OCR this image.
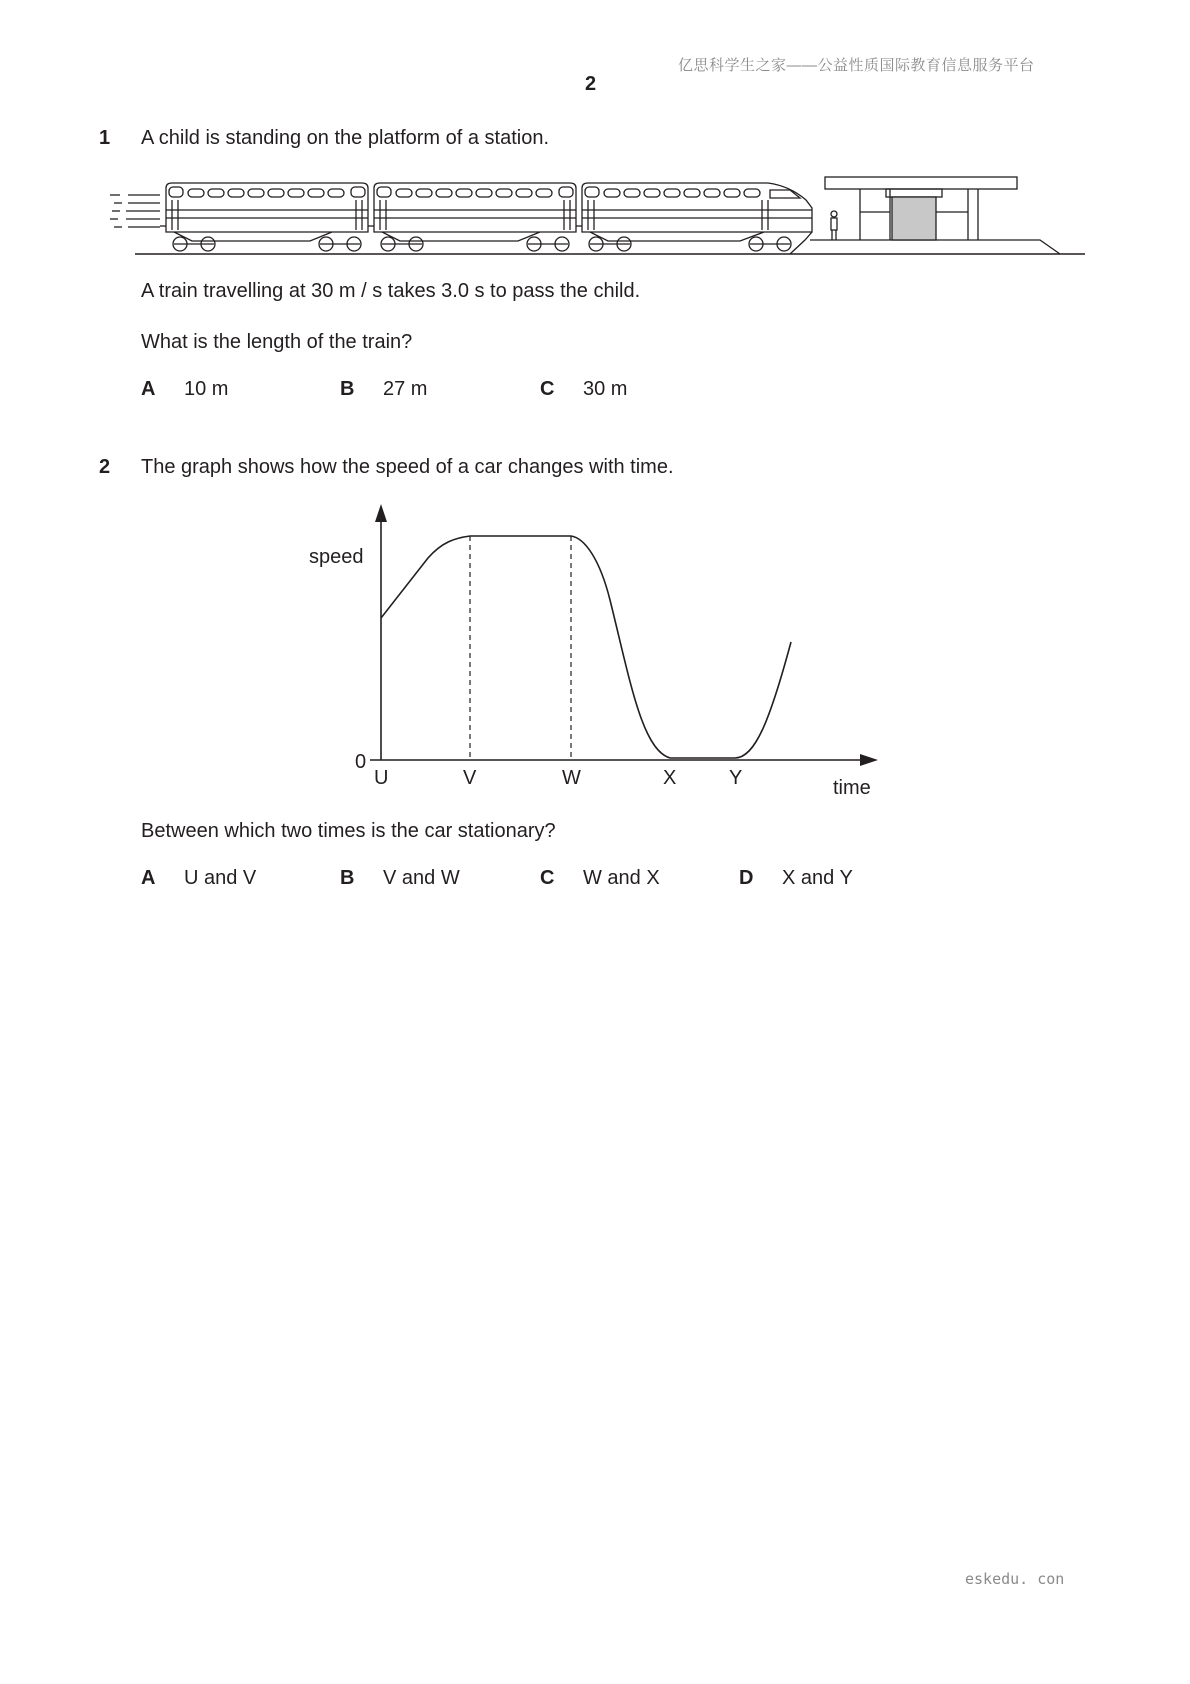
亿思科学生之家——公益性质国际教育信息服务平台
2
1 A child is standing on the platform of a station.
A train travelling at 30 m / s takes 3.0 s to pass the child.
What is the length of the train?
A 10 m	B 27 m	C 30 m
2 The graph shows how the speed of a car changes with time.
speed
0
U	V	W	X	Y	time
Between which two times is the car stationary?
A U and V	B V and W	C W and X	D X and Y
eskedu. con
